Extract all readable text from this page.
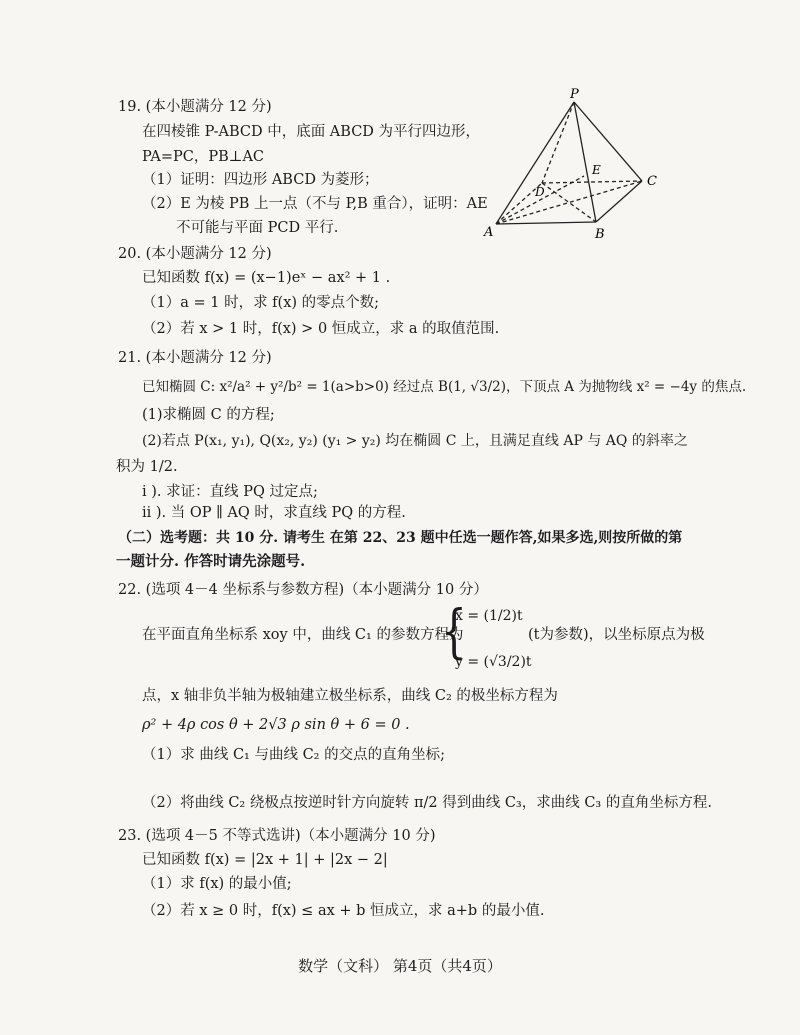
19. (本小题满分 12 分)
在四棱锥 P-ABCD 中，底面 ABCD 为平行四边形，
PA=PC，PB⊥AC
（1）证明：四边形 ABCD 为菱形；
（2）E 为棱 PB 上一点（不与 P,B 重合），证明：AE
不可能与平面 PCD 平行.
P
A	B
C
D
E
20. (本小题满分 12 分)
已知函数 f(x) = (x−1)eˣ − ax² + 1 .
（1）a = 1 时，求 f(x) 的零点个数;
（2）若 x > 1 时，f(x) > 0 恒成立，求 a 的取值范围.
21. (本小题满分 12 分)
已知椭圆 C: x²/a² + y²/b² = 1(a>b>0) 经过点 B(1, √3/2)，下顶点 A 为抛物线 x² = −4y 的焦点.
(1)求椭圆 C 的方程;
(2)若点 P(x₁, y₁), Q(x₂, y₂) (y₁ > y₂) 均在椭圆 C 上，且满足直线 AP 与 AQ 的斜率之
积为 1/2.
i ). 求证：直线 PQ 过定点;
ii ). 当 OP ∥ AQ 时，求直线 PQ 的方程.
（二）选考题：共 10 分. 请考生 在第 22、23 题中任选一题作答,如果多选,则按所做的第
一题计分. 作答时请先涂题号.
22. (选项 4－4 坐标系与参数方程)（本小题满分 10 分）
在平面直角坐标系 xoy 中，曲线 C₁ 的参数方程为
{
x = (1/2)t
y = (√3/2)t
(t为参数)，以坐标原点为极
点，x 轴非负半轴为极轴建立极坐标系，曲线 C₂ 的极坐标方程为
ρ² + 4ρ cos θ + 2√3 ρ sin θ + 6 = 0 .
（1）求 曲线 C₁ 与曲线 C₂ 的交点的直角坐标;
（2）将曲线 C₂ 绕极点按逆时针方向旋转 π/2 得到曲线 C₃，求曲线 C₃ 的直角坐标方程.
23. (选项 4－5 不等式选讲)（本小题满分 10 分)
已知函数 f(x) = |2x + 1| + |2x − 2|
（1）求 f(x) 的最小值;
（2）若 x ≥ 0 时，f(x) ≤ ax + b 恒成立，求 a+b 的最小值.
数学（文科） 第4页（共4页）
